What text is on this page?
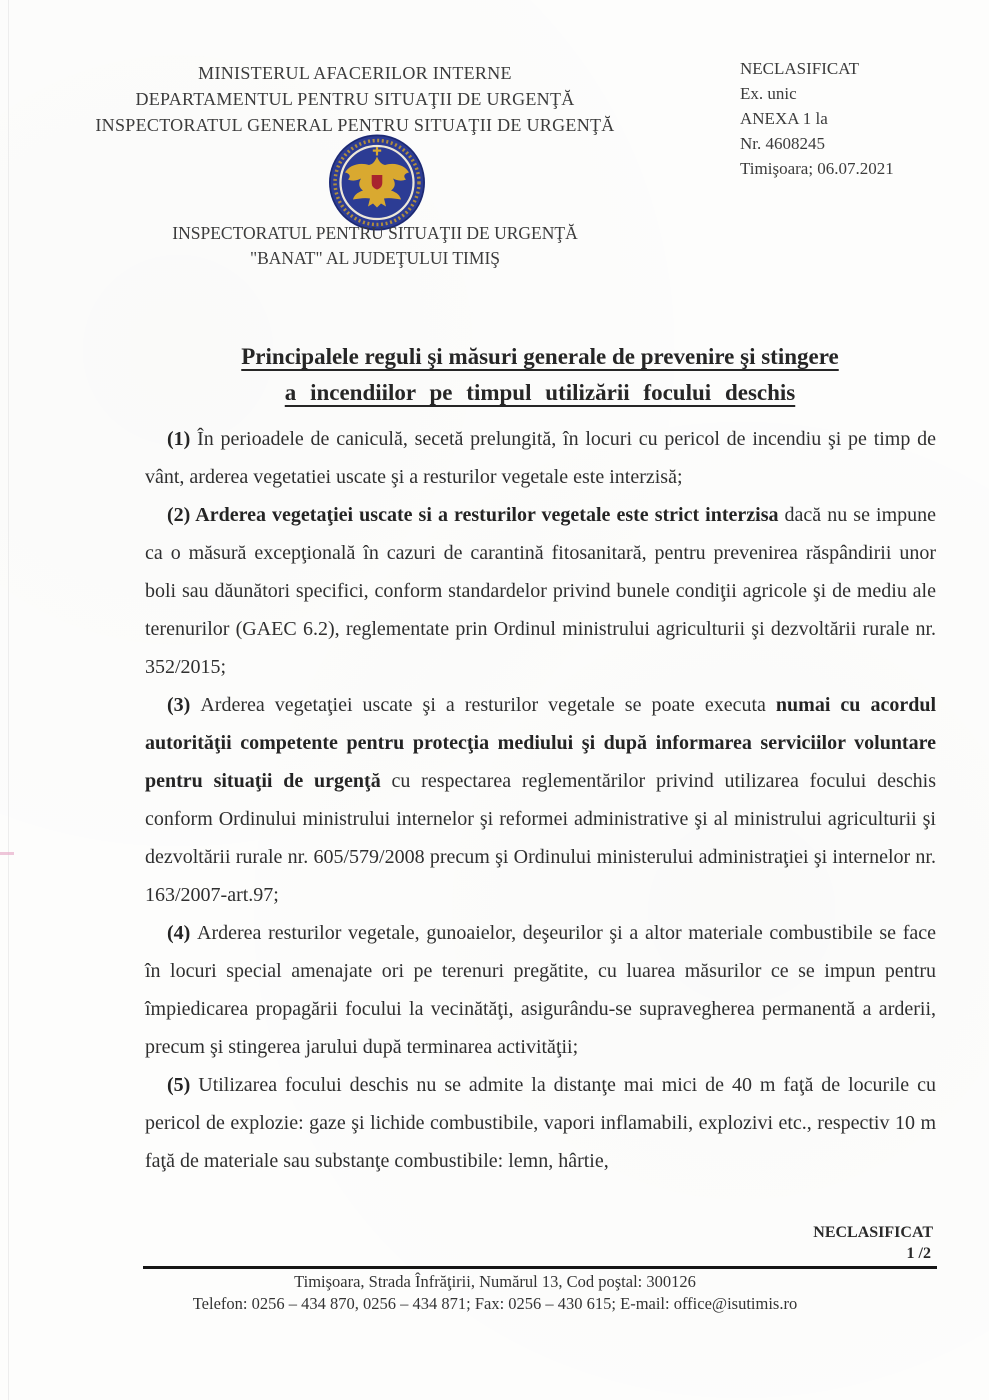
MINISTERUL AFACERILOR INTERNE
DEPARTAMENTUL PENTRU SITUAŢII DE URGENŢĂ
INSPECTORATUL GENERAL PENTRU SITUAŢII DE URGENŢĂ
NECLASIFICAT
Ex. unic
ANEXA 1 la
Nr. 4608245
Timişoara; 06.07.2021
INSPECTORATUL PENTRU SITUAŢII DE URGENŢĂ
"BANAT" AL JUDEŢULUI TIMIŞ
Principalele reguli şi măsuri generale de prevenire şi stingere
a incendiilor pe timpul utilizării focului deschis

(1) În perioadele de caniculă, secetă prelungită, în locuri cu pericol de incendiu şi pe timp de vânt, arderea vegetatiei uscate şi a resturilor vegetale este interzisă;

(2) Arderea vegetaţiei uscate si a resturilor vegetale este strict interzisa dacă nu se impune ca o măsură excepţională în cazuri de carantină fitosanitară, pentru prevenirea răspândirii unor boli sau dăunători specifici, conform standardelor privind bunele condiţii agricole şi de mediu ale terenurilor (GAEC 6.2), reglementate prin Ordinul ministrului agriculturii şi dezvoltării rurale nr. 352/2015;

(3) Arderea vegetaţiei uscate şi a resturilor vegetale se poate executa numai cu acordul autorităţii competente pentru protecţia mediului şi după informarea serviciilor voluntare pentru situaţii de urgenţă cu respectarea reglementărilor privind utilizarea focului deschis conform Ordinului ministrului internelor şi reformei administrative şi al ministrului agriculturii şi dezvoltării rurale nr. 605/579/2008 precum şi Ordinului ministerului administraţiei şi internelor nr. 163/2007-art.97;

(4) Arderea resturilor vegetale, gunoaielor, deşeurilor şi a altor materiale combustibile se face în locuri special amenajate ori pe terenuri pregătite, cu luarea măsurilor ce se impun pentru împiedicarea propagării focului la vecinătăţi, asigurându-se supravegherea permanentă a arderii, precum şi stingerea jarului după terminarea activităţii;

(5) Utilizarea focului deschis nu se admite la distanţe mai mici de 40 m faţă de locurile cu pericol de explozie: gaze şi lichide combustibile, vapori inflamabili, explozivi etc., respectiv 10 m faţă de materiale sau substanţe combustibile: lemn, hârtie,

NECLASIFICAT
1 /2
Timişoara, Strada Înfrăţirii, Numărul 13, Cod poştal: 300126
Telefon: 0256 – 434 870, 0256 – 434 871; Fax: 0256 – 430 615; E-mail: office@isutimis.ro
